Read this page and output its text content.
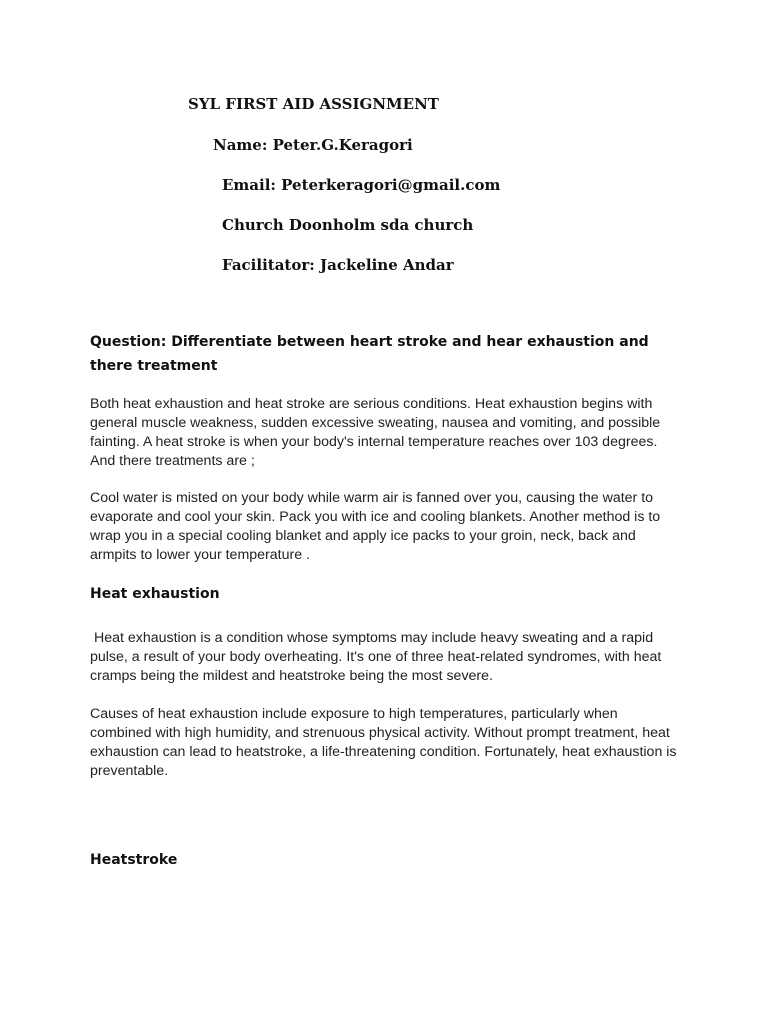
SYL FIRST AID ASSIGNMENT
Name: Peter.G.Keragori
Email: Peterkeragori@gmail.com
Church Doonholm sda church
Facilitator: Jackeline Andar
Question: Differentiate between heart stroke and hear exhaustion and there treatment

Both heat exhaustion and heat stroke are serious conditions. Heat exhaustion begins with general muscle weakness, sudden excessive sweating, nausea and vomiting, and possible fainting. A heat stroke is when your body's internal temperature reaches over 103 degrees. And there treatments are ;

Cool water is misted on your body while warm air is fanned over you, causing the water to evaporate and cool your skin. Pack you with ice and cooling blankets. Another method is to wrap you in a special cooling blanket and apply ice packs to your groin, neck, back and armpits to lower your temperature .

Heat exhaustion

Heat exhaustion is a condition whose symptoms may include heavy sweating and a rapid pulse, a result of your body overheating. It's one of three heat-related syndromes, with heat cramps being the mildest and heatstroke being the most severe.

Causes of heat exhaustion include exposure to high temperatures, particularly when combined with high humidity, and strenuous physical activity. Without prompt treatment, heat exhaustion can lead to heatstroke, a life-threatening condition. Fortunately, heat exhaustion is preventable.

Heatstroke
